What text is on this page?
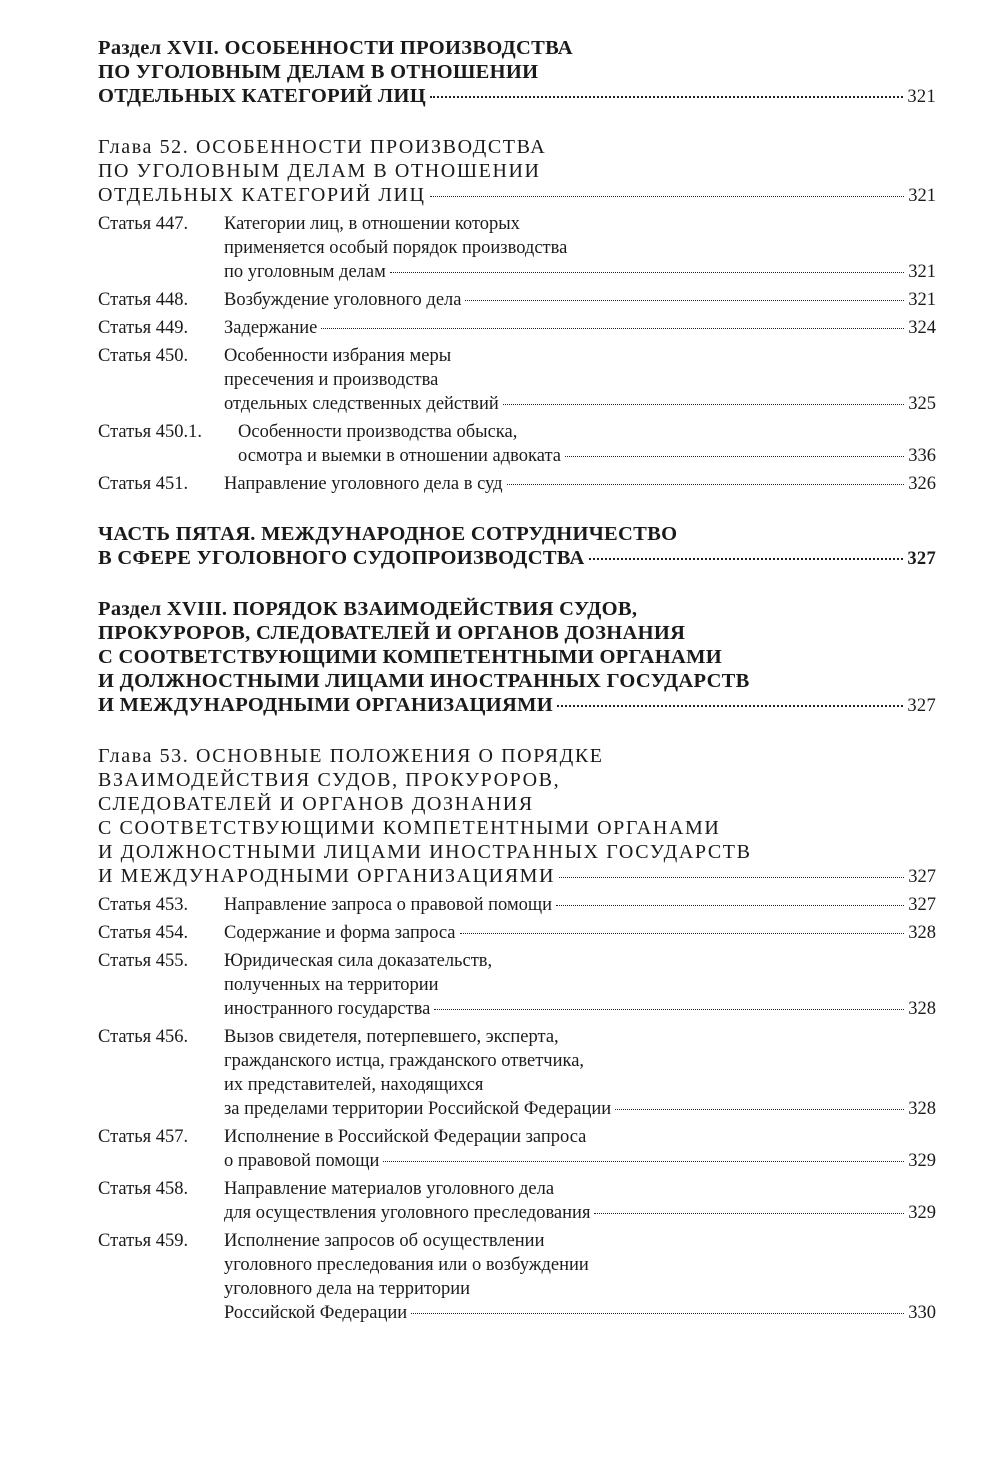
Раздел XVII. ОСОБЕННОСТИ ПРОИЗВОДСТВА
ПО УГОЛОВНЫМ ДЕЛАМ В ОТНОШЕНИИ
ОТДЕЛЬНЫХ КАТЕГОРИЙ ЛИЦ	321
Глава 52. ОСОБЕННОСТИ ПРОИЗВОДСТВА
ПО УГОЛОВНЫМ ДЕЛАМ В ОТНОШЕНИИ
ОТДЕЛЬНЫХ КАТЕГОРИЙ ЛИЦ	321
Статья 447.	Категории лиц, в отношении которых
применяется особый порядок производства
по уголовным делам	321
Статья 448.	Возбуждение уголовного дела	321
Статья 449.	Задержание	324
Статья 450.	Особенности избрания меры
пресечения и производства
отдельных следственных действий	325
Статья 450.1.	Особенности производства обыска,
осмотра и выемки в отношении адвоката	336
Статья 451.	Направление уголовного дела в суд	326
ЧАСТЬ ПЯТАЯ. МЕЖДУНАРОДНОЕ СОТРУДНИЧЕСТВО
В СФЕРЕ УГОЛОВНОГО СУДОПРОИЗВОДСТВА	327
Раздел XVIII. ПОРЯДОК ВЗАИМОДЕЙСТВИЯ СУДОВ,
ПРОКУРОРОВ, СЛЕДОВАТЕЛЕЙ И ОРГАНОВ ДОЗНАНИЯ
С СООТВЕТСТВУЮЩИМИ КОМПЕТЕНТНЫМИ ОРГАНАМИ
И ДОЛЖНОСТНЫМИ ЛИЦАМИ ИНОСТРАННЫХ ГОСУДАРСТВ
И МЕЖДУНАРОДНЫМИ ОРГАНИЗАЦИЯМИ	327
Глава 53. ОСНОВНЫЕ ПОЛОЖЕНИЯ О ПОРЯДКЕ
ВЗАИМОДЕЙСТВИЯ СУДОВ, ПРОКУРОРОВ,
СЛЕДОВАТЕЛЕЙ И ОРГАНОВ ДОЗНАНИЯ
С СООТВЕТСТВУЮЩИМИ КОМПЕТЕНТНЫМИ ОРГАНАМИ
И ДОЛЖНОСТНЫМИ ЛИЦАМИ ИНОСТРАННЫХ ГОСУДАРСТВ
И МЕЖДУНАРОДНЫМИ ОРГАНИЗАЦИЯМИ	327
Статья 453.	Направление запроса о правовой помощи	327
Статья 454.	Содержание и форма запроса	328
Статья 455.	Юридическая сила доказательств,
полученных на территории
иностранного государства	328
Статья 456.	Вызов свидетеля, потерпевшего, эксперта,
гражданского истца, гражданского ответчика,
их представителей, находящихся
за пределами территории Российской Федерации	328
Статья 457.	Исполнение в Российской Федерации запроса
о правовой помощи	329
Статья 458.	Направление материалов уголовного дела
для осуществления уголовного преследования	329
Статья 459.	Исполнение запросов об осуществлении
уголовного преследования или о возбуждении
уголовного дела на территории
Российской Федерации	330
